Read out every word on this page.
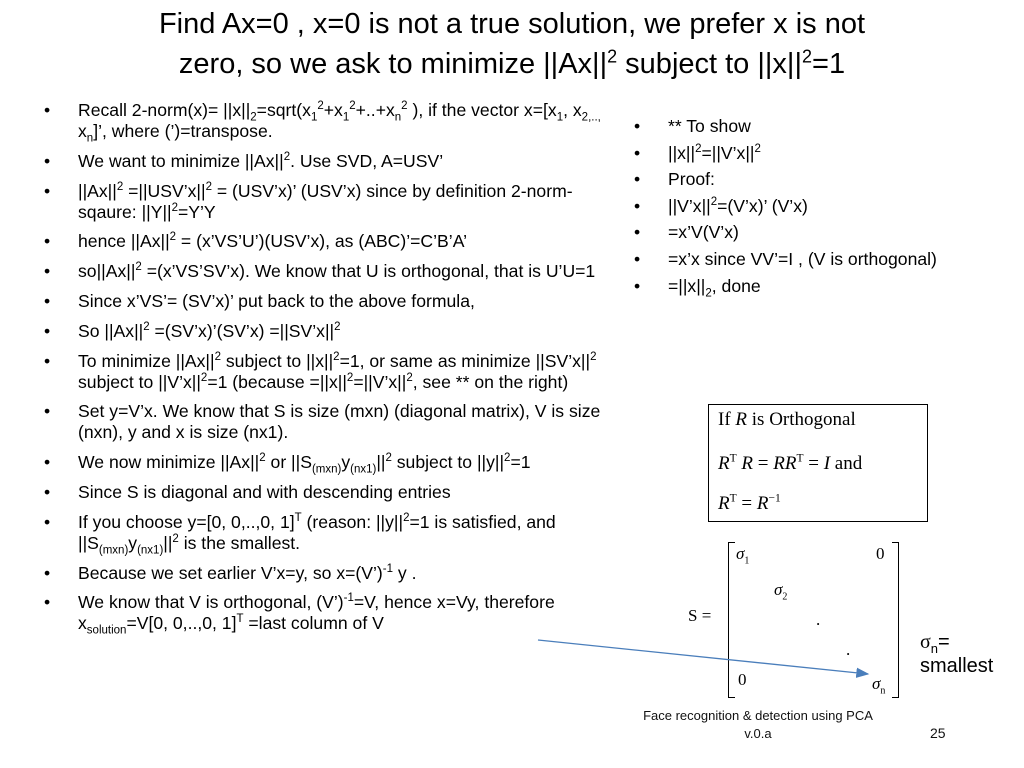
Find Ax=0 , x=0 is not a true solution, we prefer x is not
zero, so we ask to minimize $||Ax||^2$ subject to $||x||^2=1$
• Recall 2-norm(x)= $||x||_2=sqrt(x_1^2+x_1^2+..+x_n^2$ ), if the vector $x=[x_1$, $x_{2,..,}$ $x_n$]’, where (’)=transpose.
• We want to minimize $||Ax||^2$. Use SVD, A=USV’
• $||Ax||^2$ $=||USV’x||^2$ = (USV’x)’ (USV’x) since by definition 2-norm-sqaure: $||Y||^2=Y’Y$
• hence $||Ax||^2$ = (x’VS’U’)(USV’x), as (ABC)’=C’B’A’
• $so||Ax||^2$ =(x’VS’SV’x). We know that U is orthogonal, that is U’U=1
• Since x’VS’= (SV’x)’ put back to the above formula,
• So $||Ax||^2$ =(SV’x)’(SV’x) $=||SV’x||^2$
• To minimize $||Ax||^2$ subject to $||x||^2=1$, or same as minimize $||SV’x||^2$ subject to $||V’x||^2=1$ (because $=||x||^2=||V’x||^2$, see ** on the right)
• Set y=V’x. We know that S is size (mxn) (diagonal matrix), V is size (nxn), y and x is size (nx1).
• We now minimize $||Ax||^2$ or $||S_{(mxn)}y_{(nx1)}||^2$ subject to $||y||^2=1$
• Since S is diagonal and with descending entries
• If you choose y=[0, 0,..,0, 1]$^T$ (reason: $||y||^2=1$ is satisfied, and $||S_{(mxn)}y_{(nx1)}||^2$ is the smallest.
• Because we set earlier V’x=y, so x=(V’)$^{-1}$ y .
• We know that V is orthogonal, (V’)$^{-1}$=V, hence x=Vy, therefore $x_{solution}=V[0$, 0,..,0, 1]$^T$ =last column of V
• ** To show
• $||x||^2=||V’x||^2$
• Proof:
• $||V’x||^2=(V’x)$’ (V’x)
• =x’V(V’x)
• =x’x since VV’=I , (V is orthogonal)
• $=||x||_2$, done
If R is Orthogonal
$R^T$ $R = RR^T = I$ and
$R^T = R^{-1}$
S =
$\sigma_1$	0
$\sigma_2$
.
.
0	$\sigma_n$
$\sigma_n=$
smallest
Face recognition & detection using PCA
v.0.a	25
